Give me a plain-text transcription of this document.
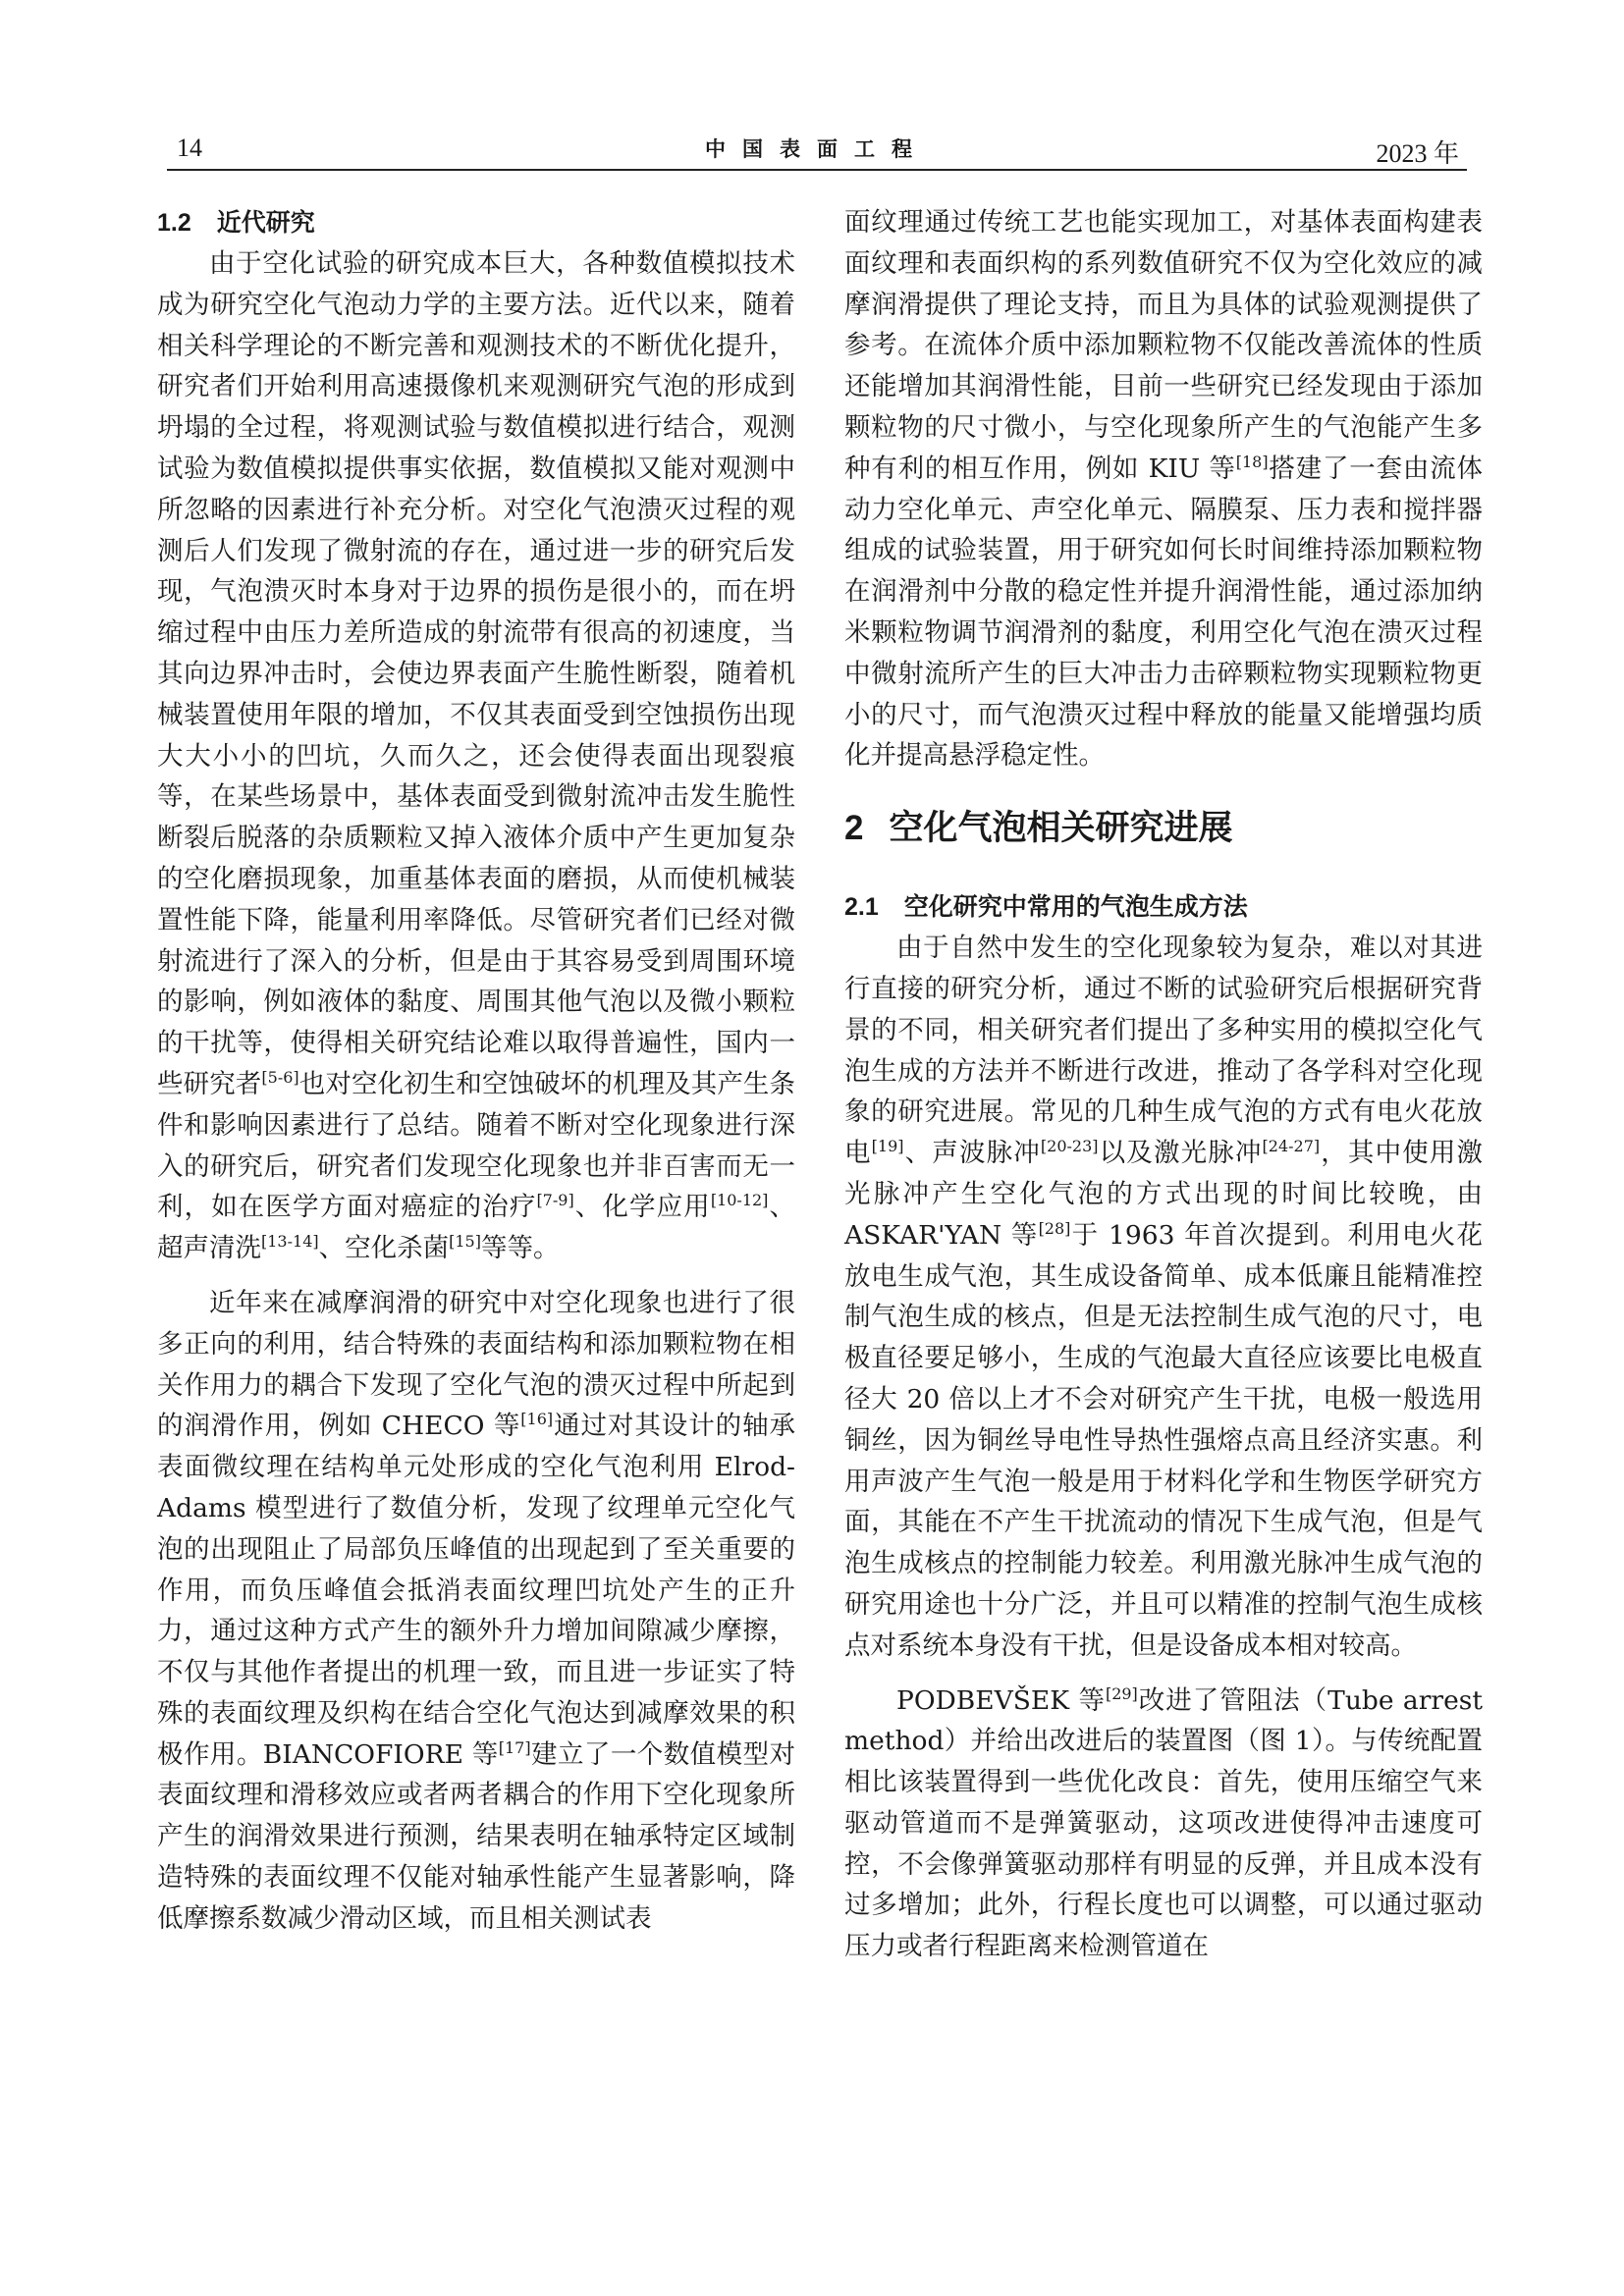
14	中国表面工程	2023 年
1.2 近代研究

由于空化试验的研究成本巨大，各种数值模拟技术成为研究空化气泡动力学的主要方法。近代以来，随着相关科学理论的不断完善和观测技术的不断优化提升，研究者们开始利用高速摄像机来观测研究气泡的形成到坍塌的全过程，将观测试验与数值模拟进行结合，观测试验为数值模拟提供事实依据，数值模拟又能对观测中所忽略的因素进行补充分析。对空化气泡溃灭过程的观测后人们发现了微射流的存在，通过进一步的研究后发现，气泡溃灭时本身对于边界的损伤是很小的，而在坍缩过程中由压力差所造成的射流带有很高的初速度，当其向边界冲击时，会使边界表面产生脆性断裂，随着机械装置使用年限的增加，不仅其表面受到空蚀损伤出现大大小小的凹坑，久而久之，还会使得表面出现裂痕等，在某些场景中，基体表面受到微射流冲击发生脆性断裂后脱落的杂质颗粒又掉入液体介质中产生更加复杂的空化磨损现象，加重基体表面的磨损，从而使机械装置性能下降，能量利用率降低。尽管研究者们已经对微射流进行了深入的分析，但是由于其容易受到周围环境的影响，例如液体的黏度、周围其他气泡以及微小颗粒的干扰等，使得相关研究结论难以取得普遍性，国内一些研究者[5-6]也对空化初生和空蚀破坏的机理及其产生条件和影响因素进行了总结。随着不断对空化现象进行深入的研究后，研究者们发现空化现象也并非百害而无一利，如在医学方面对癌症的治疗[7-9]、化学应用[10-12]、超声清洗[13-14]、空化杀菌[15]等等。

近年来在减摩润滑的研究中对空化现象也进行了很多正向的利用，结合特殊的表面结构和添加颗粒物在相关作用力的耦合下发现了空化气泡的溃灭过程中所起到的润滑作用，例如 CHECO 等[16]通过对其设计的轴承表面微纹理在结构单元处形成的空化气泡利用 Elrod-Adams 模型进行了数值分析，发现了纹理单元空化气泡的出现阻止了局部负压峰值的出现起到了至关重要的作用，而负压峰值会抵消表面纹理凹坑处产生的正升力，通过这种方式产生的额外升力增加间隙减少摩擦，不仅与其他作者提出的机理一致，而且进一步证实了特殊的表面纹理及织构在结合空化气泡达到减摩效果的积极作用。BIANCOFIORE 等[17]建立了一个数值模型对表面纹理和滑移效应或者两者耦合的作用下空化现象所产生的润滑效果进行预测，结果表明在轴承特定区域制造特殊的表面纹理不仅能对轴承性能产生显著影响，降低摩擦系数减少滑动区域，而且相关测试表

面纹理通过传统工艺也能实现加工，对基体表面构建表面纹理和表面织构的系列数值研究不仅为空化效应的减摩润滑提供了理论支持，而且为具体的试验观测提供了参考。在流体介质中添加颗粒物不仅能改善流体的性质还能增加其润滑性能，目前一些研究已经发现由于添加颗粒物的尺寸微小，与空化现象所产生的气泡能产生多种有利的相互作用，例如 KIU 等[18]搭建了一套由流体动力空化单元、声空化单元、隔膜泵、压力表和搅拌器组成的试验装置，用于研究如何长时间维持添加颗粒物在润滑剂中分散的稳定性并提升润滑性能，通过添加纳米颗粒物调节润滑剂的黏度，利用空化气泡在溃灭过程中微射流所产生的巨大冲击力击碎颗粒物实现颗粒物更小的尺寸，而气泡溃灭过程中释放的能量又能增强均质化并提高悬浮稳定性。

2 空化气泡相关研究进展
2.1 空化研究中常用的气泡生成方法

由于自然中发生的空化现象较为复杂，难以对其进行直接的研究分析，通过不断的试验研究后根据研究背景的不同，相关研究者们提出了多种实用的模拟空化气泡生成的方法并不断进行改进，推动了各学科对空化现象的研究进展。常见的几种生成气泡的方式有电火花放电[19]、声波脉冲[20-23]以及激光脉冲[24-27]，其中使用激光脉冲产生空化气泡的方式出现的时间比较晚，由 ASKAR'YAN 等[28]于 1963 年首次提到。利用电火花放电生成气泡，其生成设备简单、成本低廉且能精准控制气泡生成的核点，但是无法控制生成气泡的尺寸，电极直径要足够小，生成的气泡最大直径应该要比电极直径大 20 倍以上才不会对研究产生干扰，电极一般选用铜丝，因为铜丝导电性导热性强熔点高且经济实惠。利用声波产生气泡一般是用于材料化学和生物医学研究方面，其能在不产生干扰流动的情况下生成气泡，但是气泡生成核点的控制能力较差。利用激光脉冲生成气泡的研究用途也十分广泛，并且可以精准的控制气泡生成核点对系统本身没有干扰，但是设备成本相对较高。

PODBEVŠEK 等[29]改进了管阻法（Tube arrest method）并给出改进后的装置图（图 1）。与传统配置相比该装置得到一些优化改良：首先，使用压缩空气来驱动管道而不是弹簧驱动，这项改进使得冲击速度可控，不会像弹簧驱动那样有明显的反弹，并且成本没有过多增加；此外，行程长度也可以调整，可以通过驱动压力或者行程距离来检测管道在
